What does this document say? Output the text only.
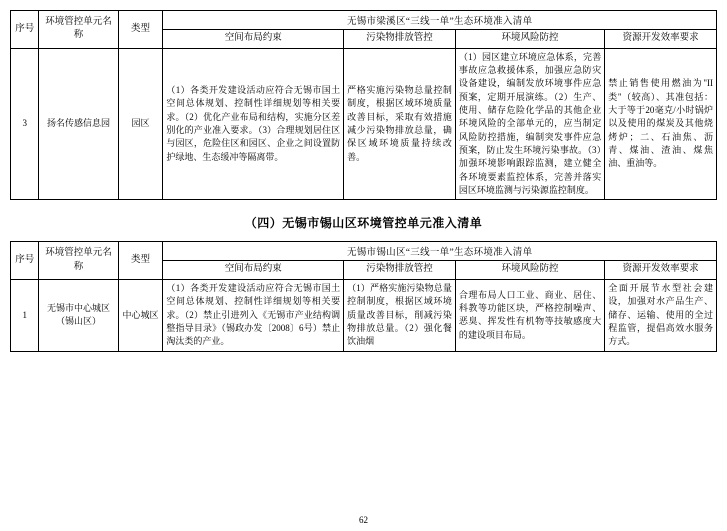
序号	环境管控单元名称	类型	无锡市梁溪区“三线一单”生态环境准入清单			
			空间布局约束	污染物排放管控	环境风险防控	资源开发效率要求
3	扬名传感信息园	园区	（1）各类开发建设活动应符合无锡市国土空间总体规划、控制性详细规划等相关要求。（2）优化产业布局和结构，实施分区差别化的产业准入要求。（3）合理规划居住区与园区，危险住区和园区、企业之间设置防护绿地、生态缓冲等隔离带。	严格实施污染物总量控制制度，根据区域环境质量改善目标，采取有效措施减少污染物排放总量，确保区域环境质量持续改善。	（1）园区建立环境应急体系，完善事故应急救援体系，加强应急防灾设备建设，编制发放环境事件应急预案，定期开展演练。（2）生产、使用、储存危险化学品的其他企业环境风险的全部单元的，应当制定风险防控措施，编制突发事件应急预案，防止发生环境污染事故。（3）加强环境影响跟踪监测，建立健全各环境要素监控体系，完善并落实园区环境监测与污染源监控制度。	禁止销售使用燃油为"II类"（较高）、其准包括：大于等于20毫克/小时锅炉以及使用的煤炭及其他烧烤炉；二、石油焦、沥青、煤油、渣油、煤焦油、重油等。
（四）无锡市锡山区环境管控单元准入清单
序号	环境管控单元名称	类型	无锡市锡山区“三线一单”生态环境准入清单			
			空间布局约束	污染物排放管控	环境风险防控	资源开发效率要求
1	无锡市中心城区（锡山区）	中心城区	（1）各类开发建设活动应符合无锡市国土空间总体规划、控制性详细规划等相关要求。（2）禁止引进列入《无锡市产业结构调整指导目录》（锡政办发〔2008〕6号）禁止淘汰类的产业。	（1）严格实施污染物总量控制制度，根据区域环境质量改善目标，削减污染物排放总量。（2）强化餐饮油烟	合理布局人口工业、商业、居住、科教等功能区块，严格控制噪声、恶臭、挥发性有机物等技敏感度大的建设项目布局。	全面开展节水型社会建设，加强对水产品生产、储存、运输、使用的全过程监管，提倡高效水服务方式。
62
